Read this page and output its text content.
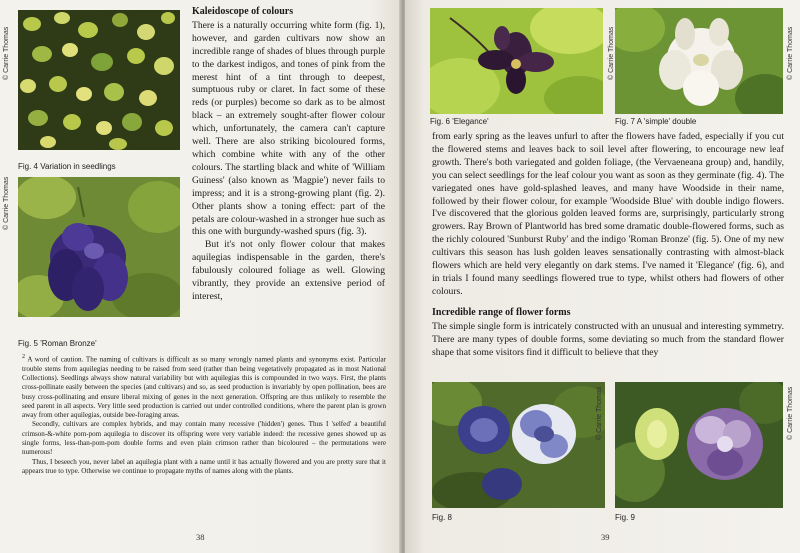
© Carrie Thomas
Fig. 4 Variation in seedlings
© Carrie Thomas
Fig. 5 'Roman Bronze'
Kaleidoscope of colours

There is a naturally occurring white form (fig. 1), however, and garden cultivars now show an incredible range of shades of blues through purple to the darkest indigos, and tones of pink from the merest hint of a tint through to deepest, sumptuous ruby or claret. In fact some of these reds (or purples) become so dark as to be almost black – an extremely sought-after flower colour which, unfortunately, the camera can't capture well. There are also striking bicoloured forms, which combine white with any of the other colours. The startling black and white of 'William Guiness' (also known as 'Magpie') never fails to impress; and it is a strong-growing plant (fig. 2). Other plants show a toning effect: part of the petals are colour-washed in a stronger hue such as this one with burgundy-washed spurs (fig. 3).

But it's not only flower colour that makes aquilegias indispensable in the garden, there's fabulously coloured foliage as well. Glowing vibrantly, they provide an extensive period of interest,

$^2$ A word of caution. The naming of cultivars is difficult as so many wrongly named plants and synonyms exist. Particular trouble stems from aquilegias needing to be raised from seed (rather than being vegetatively propagated as in most National Collections). Seedlings always show natural variability but with aquilegias this is compounded in two ways. First, the plants cross-pollinate easily between the species (and cultivars) and so, as seed production is invariably by open pollination, bees are busy cross-pollinating and ensure liberal mixing of genes in the next generation. Offspring are thus unlikely to resemble the seed parent in all aspects. Very little seed production is carried out under controlled conditions, where the parent plan is grown away from other aquilegias, outside bee-foraging areas.

Secondly, cultivars are complex hybrids, and may contain many recessive ('hidden') genes. Thus I 'selfed' a beautiful crimson-&-white pom-pom aquilegia to discover its offspring were very variable indeed: the recessive genes showed up as single forms, less-than-pom-pom double forms and even plain crimson rather than bicoloured – the permutations were numerous!

Thus, I beseech you, never label an aquilegia plant with a name until it has actually flowered and you are pretty sure that it appears true to type. Otherwise we continue to propagate myths of names along with the plants.

38
© Carrie Thomas
Fig. 6 'Elegance'
© Carrie Thomas
Fig. 7 A 'simple' double

from early spring as the leaves unfurl to after the flowers have faded, especially if you cut the flowered stems and leaves back to soil level after flowering, to encourage new leaf growth. There's both variegated and golden foliage, (the Vervaeneana group) and, handily, you can select seedlings for the leaf colour you want as soon as they germinate (fig. 4). The variegated ones have gold-splashed leaves, and many have Woodside in their name, followed by their flower colour, for example 'Woodside Blue' with double indigo flowers. I've discovered that the glorious golden leaved forms are, surprisingly, particularly strong growers. Ray Brown of Plantworld has bred some dramatic double-flowered forms, such as the richly coloured 'Sunburst Ruby' and the indigo 'Roman Bronze' (fig. 5). One of my new cultivars this season has lush golden leaves sensationally contrasting with almost-black flowers which are held very elegantly on dark stems. I've named it 'Elegance' (fig. 6), and in trials I found many seedlings flowered true to type, whilst others had flowers of other colours.

Incredible range of flower forms

The simple single form is intricately constructed with an unusual and interesting symmetry. There are many types of double forms, some deviating so much from the standard flower shape that some visitors find it difficult to believe that they

© Carrie Thomas
Fig. 8
© Carrie Thomas
Fig. 9
39
